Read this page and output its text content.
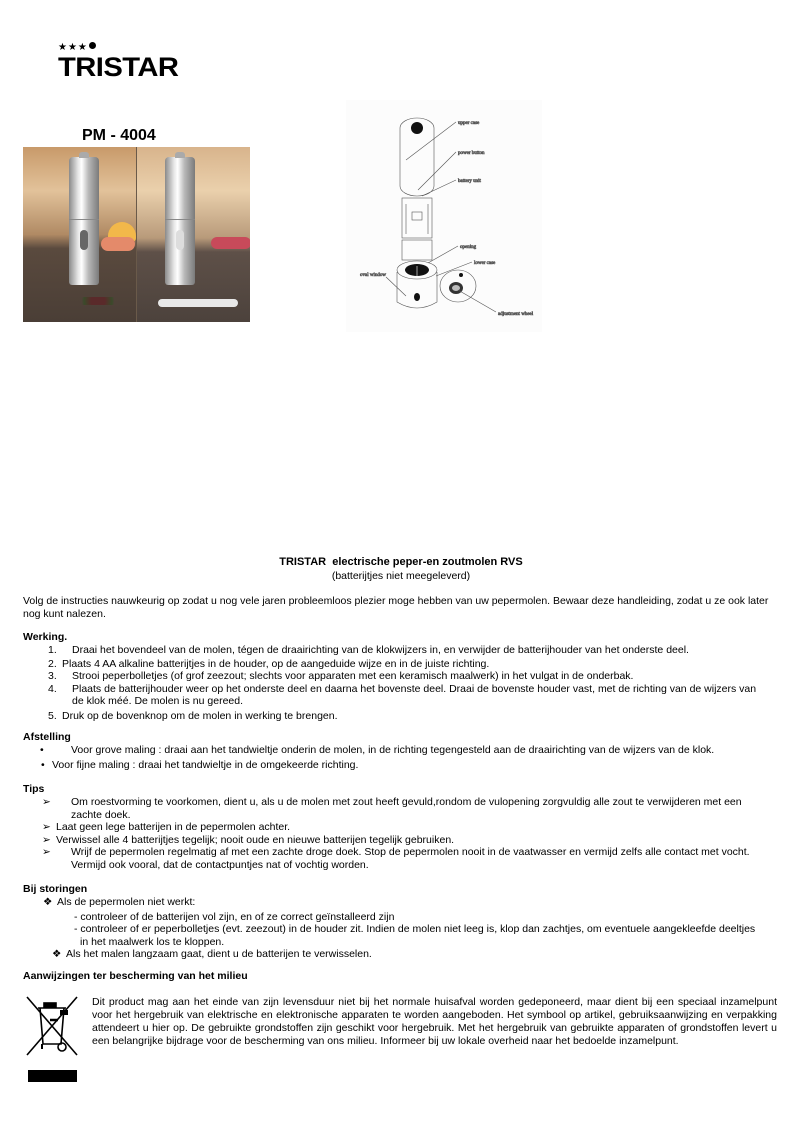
★★★
TRISTAR
PM - 4004
upper case
power button
battery unit
opening
lower case
oval window
adjustment wheel
TRISTAR  electrische peper-en zoutmolen RVS
(batterijtjes niet meegeleverd)
Volg de instructies nauwkeurig op zodat u nog vele jaren probleemloos plezier moge hebben van uw pepermolen. Bewaar deze handleiding, zodat u ze ook later nog kunt nalezen.
Werking.
1. Draai het bovendeel van de molen, tégen de draairichting van de klokwijzers in, en verwijder de batterijhouder van het onderste deel.
2. Plaats 4 AA alkaline batterijtjes in de houder, op de aangeduide wijze en in de juiste richting.
3. Strooi peperbolletjes (of grof zeezout; slechts voor apparaten met een keramisch maalwerk) in het vulgat in de onderbak.
4. Plaats de batterijhouder weer op het onderste deel en daarna het bovenste deel. Draai de bovenste houder vast, met de richting van de wijzers van
de klok méé. De molen is nu gereed.
5. Druk op de bovenknop om de molen in werking te brengen.
Afstelling
•	Voor grove maling : draai aan het tandwieltje onderin de molen, in de richting tegengesteld aan de draairichting van de wijzers van de klok.
• Voor fijne maling : draai het tandwieltje in de omgekeerde richting.
Tips
➢ Om roestvorming te voorkomen, dient u, als u de molen met zout heeft gevuld,rondom de vulopening zorgvuldig alle zout te verwijderen met een
zachte doek.
➢ Laat geen lege batterijen in de pepermolen achter.
➢ Verwissel alle 4 batterijtjes tegelijk; nooit oude en nieuwe batterijen tegelijk gebruiken.
➢ Wrijf de pepermolen regelmatig af met een zachte droge doek. Stop de pepermolen nooit in de vaatwasser en vermijd zelfs alle contact met vocht.
Vermijd ook vooral, dat de contactpuntjes nat of vochtig worden.
Bij storingen
❖ Als de pepermolen niet werkt:
- controleer of de batterijen vol zijn, en of ze correct geïnstalleerd zijn
- controleer of er peperbolletjes (evt. zeezout) in de houder zit. Indien de molen niet leeg is, klop dan zachtjes, om eventuele aangekleefde deeltjes
in het maalwerk los te kloppen.
❖ Als het malen langzaam gaat, dient u de batterijen te verwisselen.
Aanwijzingen ter bescherming van het milieu
Dit product mag aan het einde van zijn levensduur niet bij het normale huisafval worden gedeponeerd, maar dient bij een speciaal inzamelpunt voor het hergebruik van elektrische en elektronische apparaten te worden aangeboden. Het symbool op artikel, gebruiksaanwijzing en verpakking attendeert u hier op. De gebruikte grondstoffen zijn geschikt voor hergebruik. Met het hergebruik van gebruikte apparaten of grondstoffen levert u een belangrijke bijdrage voor de bescherming van ons milieu. Informeer bij uw lokale overheid naar het bedoelde inzamelpunt.
